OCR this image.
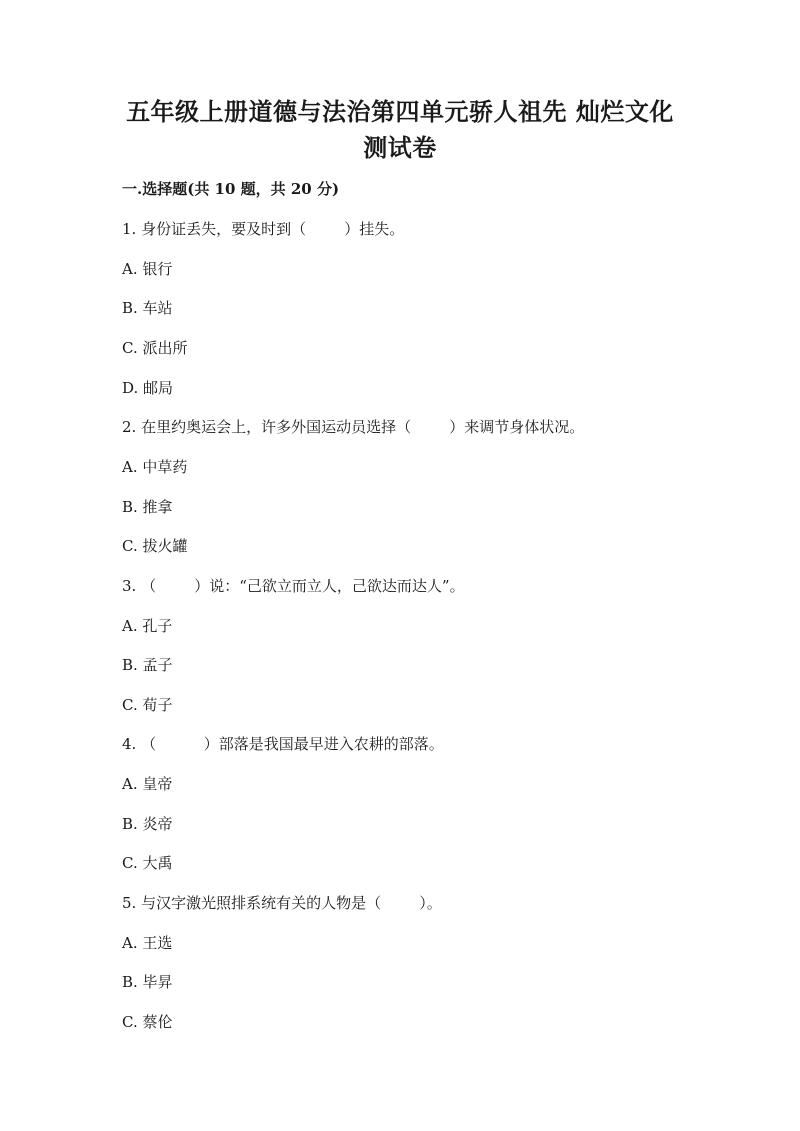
五年级上册道德与法治第四单元骄人祖先 灿烂文化
测试卷
一.选择题(共 10 题，共 20 分)
1. 身份证丢失，要及时到（        ）挂失。
A. 银行
B. 车站
C. 派出所
D. 邮局
2. 在里约奥运会上，许多外国运动员选择（        ）来调节身体状况。
A. 中草药
B. 推拿
C. 拔火罐
3. （        ）说：“己欲立而立人，己欲达而达人”。
A. 孔子
B. 孟子
C. 荀子
4. （          ）部落是我国最早进入农耕的部落。
A. 皇帝
B. 炎帝
C. 大禹
5. 与汉字激光照排系统有关的人物是（        ）。
A. 王选
B. 毕昇
C. 蔡伦
